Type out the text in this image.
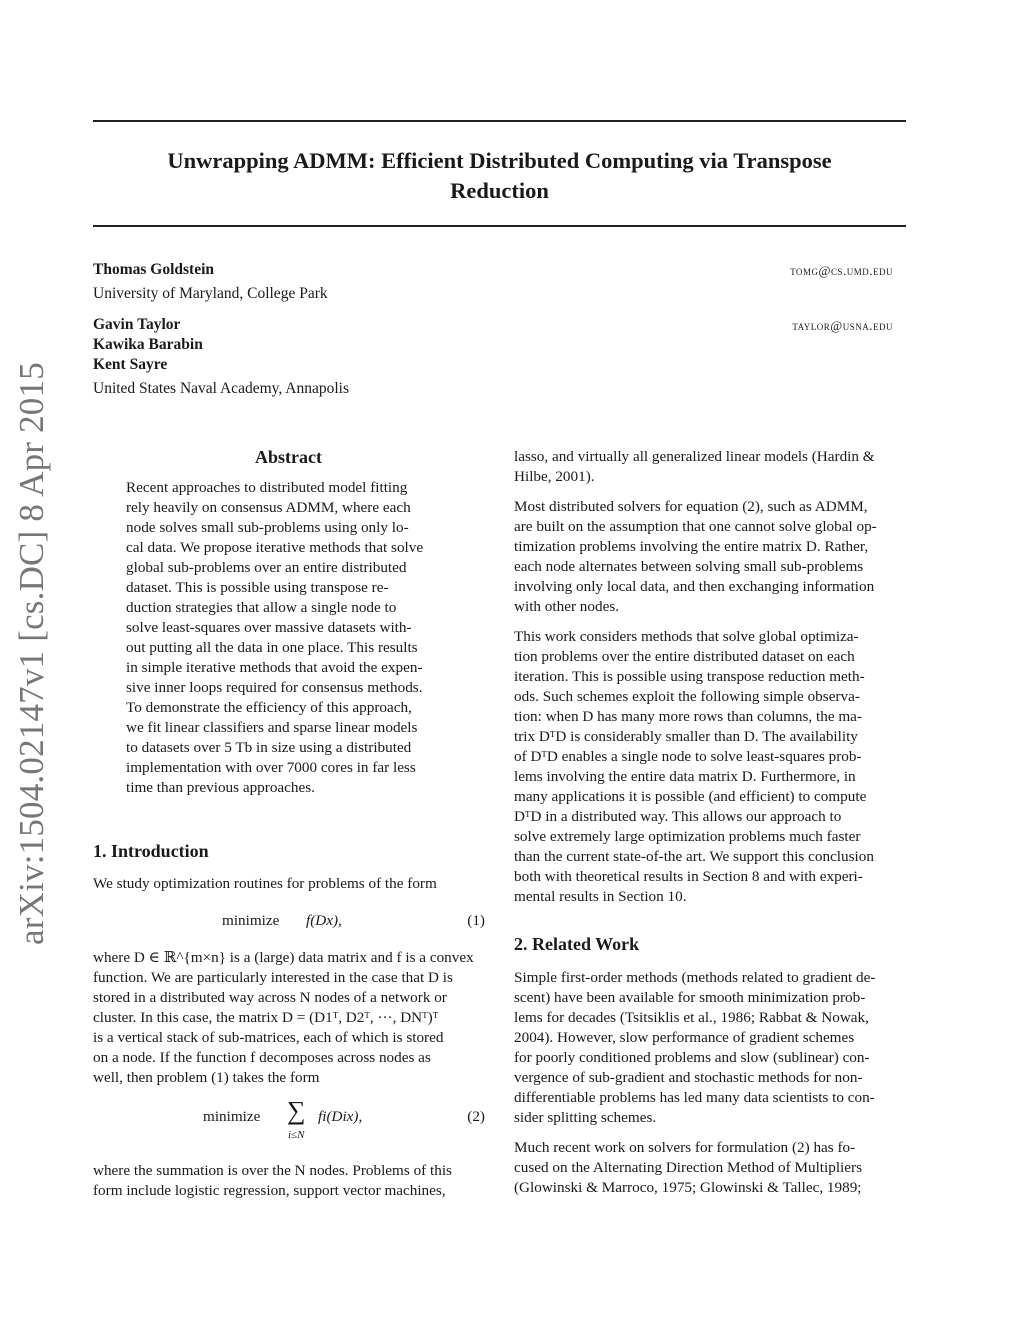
arXiv:1504.02147v1 [cs.DC] 8 Apr 2015
Unwrapping ADMM: Efficient Distributed Computing via Transpose
Reduction
Thomas Goldstein	tomg@cs.umd.edu
University of Maryland, College Park
Gavin Taylor	taylor@usna.edu
Kawika Barabin
Kent Sayre
United States Naval Academy, Annapolis
Abstract
Recent approaches to distributed model fitting
rely heavily on consensus ADMM, where each
node solves small sub-problems using only lo-
cal data. We propose iterative methods that solve
global sub-problems over an entire distributed
dataset. This is possible using transpose re-
duction strategies that allow a single node to
solve least-squares over massive datasets with-
out putting all the data in one place. This results
in simple iterative methods that avoid the expen-
sive inner loops required for consensus methods.
To demonstrate the efficiency of this approach,
we fit linear classifiers and sparse linear models
to datasets over 5 Tb in size using a distributed
implementation with over 7000 cores in far less
time than previous approaches.
1. Introduction
We study optimization routines for problems of the form
minimize f(Dx),	(1)
where D ∈ ℝ^{m×n} is a (large) data matrix and f is a convex
function. We are particularly interested in the case that D is
stored in a distributed way across N nodes of a network or
cluster. In this case, the matrix D = (D1ᵀ, D2ᵀ, ···, DNᵀ)ᵀ
is a vertical stack of sub-matrices, each of which is stored
on a node. If the function f decomposes across nodes as
well, then problem (1) takes the form
minimize ∑
i≤N
fi(Dix),	(2)
where the summation is over the N nodes. Problems of this
form include logistic regression, support vector machines,
lasso, and virtually all generalized linear models (Hardin &
Hilbe, 2001).
Most distributed solvers for equation (2), such as ADMM,
are built on the assumption that one cannot solve global op-
timization problems involving the entire matrix D. Rather,
each node alternates between solving small sub-problems
involving only local data, and then exchanging information
with other nodes.
This work considers methods that solve global optimiza-
tion problems over the entire distributed dataset on each
iteration. This is possible using transpose reduction meth-
ods. Such schemes exploit the following simple observa-
tion: when D has many more rows than columns, the ma-
trix DᵀD is considerably smaller than D. The availability
of DᵀD enables a single node to solve least-squares prob-
lems involving the entire data matrix D. Furthermore, in
many applications it is possible (and efficient) to compute
DᵀD in a distributed way. This allows our approach to
solve extremely large optimization problems much faster
than the current state-of-the art. We support this conclusion
both with theoretical results in Section 8 and with experi-
mental results in Section 10.
2. Related Work
Simple first-order methods (methods related to gradient de-
scent) have been available for smooth minimization prob-
lems for decades (Tsitsiklis et al., 1986; Rabbat & Nowak,
2004). However, slow performance of gradient schemes
for poorly conditioned problems and slow (sublinear) con-
vergence of sub-gradient and stochastic methods for non-
differentiable problems has led many data scientists to con-
sider splitting schemes.
Much recent work on solvers for formulation (2) has fo-
cused on the Alternating Direction Method of Multipliers
(Glowinski & Marroco, 1975; Glowinski & Tallec, 1989;
